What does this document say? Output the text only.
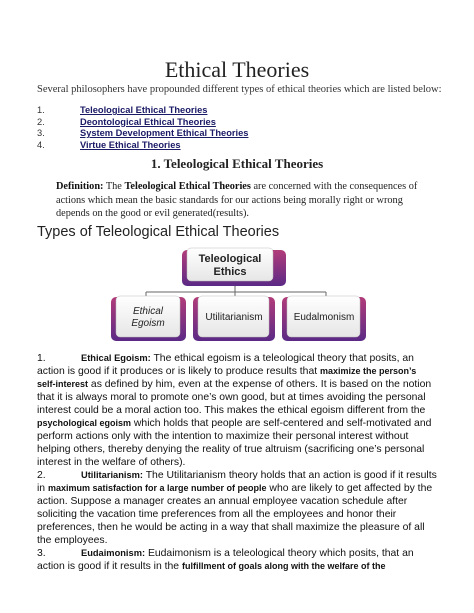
Ethical Theories
Several philosophers have propounded different types of ethical theories which are listed below:
1.	Teleological Ethical Theories
2.	Deontological Ethical Theories
3.	System Development Ethical Theories
4.	Virtue Ethical Theories
1. Teleological Ethical Theories
Definition: The Teleological Ethical Theories are concerned with the consequences of actions which mean the basic standards for our actions being morally right or wrong depends on the good or evil generated(results).
Types of Teleological Ethical Theories
Teleological
Ethics
Ethical
Egoism
Utilitarianism	Eudalmonism

1.	Ethical Egoism: The ethical egoism is a teleological theory that posits, an action is good if it produces or is likely to produce results that maximize the person’s self-interest as defined by him, even at the expense of others. It is based on the notion that it is always moral to promote one’s own good, but at times avoiding the personal interest could be a moral action too. This makes the ethical egoism different from the psychological egoism which holds that people are self-centered and self-motivated and perform actions only with the intention to maximize their personal interest without helping others, thereby denying the reality of true altruism (sacrificing one’s personal interest in the welfare of others).

2.	Utilitarianism: The Utilitarianism theory holds that an action is good if it results in maximum satisfaction for a large number of people who are likely to get affected by the action. Suppose a manager creates an annual employee vacation schedule after soliciting the vacation time preferences from all the employees and honor their preferences, then he would be acting in a way that shall maximize the pleasure of all the employees.

3.	Eudaimonism: Eudaimonism is a teleological theory which posits, that an action is good if it results in the fulfillment of goals along with the welfare of the
